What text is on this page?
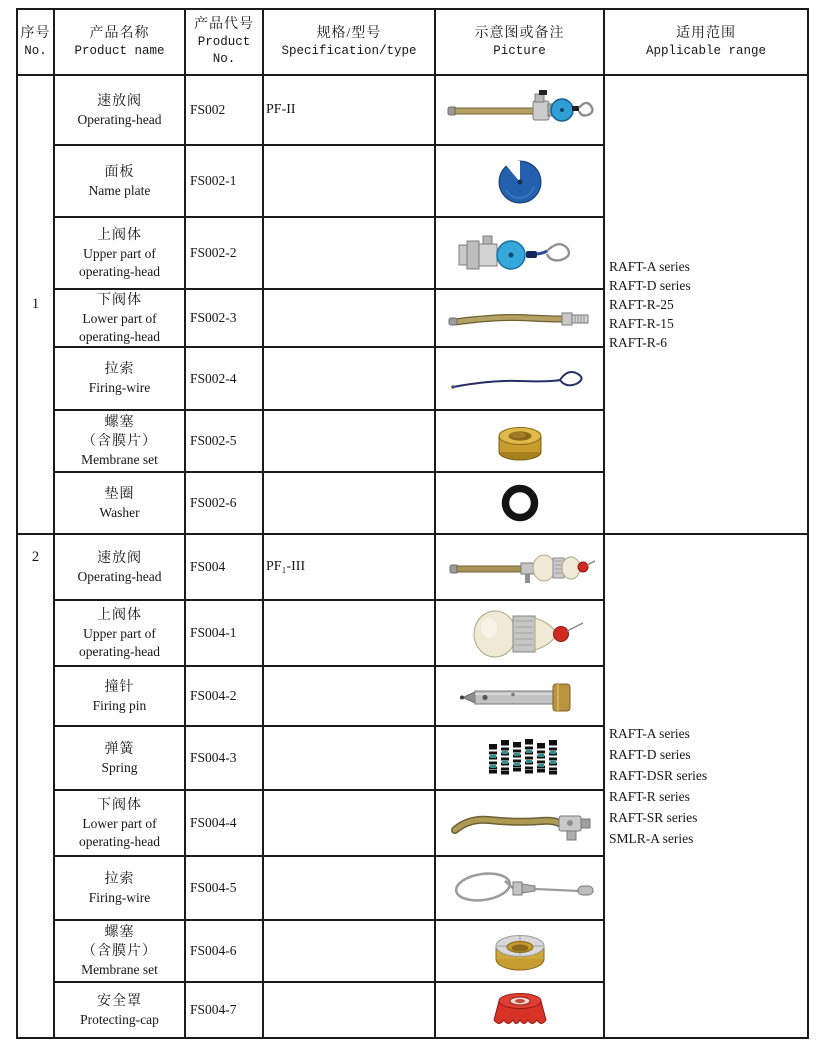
序号
No.

产品名称
Product name

产品代号
Product
No.

规格/型号
Specification/type

示意图或备注
Picture

适用范围
Applicable range

1	
速放阀
Operating-head
	FS002	PF-II	

RAFT-A series
RAFT-D series
RAFT-R-25
RAFT-R-15
RAFT-R-6

	面板
Name plate	FS002-1		

	上阀体
Upper part of operating-head	FS002-2		

	下阀体
Lower part of operating-head	FS002-3		

	拉索
Firing-wire	FS002-4		

	螺塞
（含膜片）
Membrane set	FS002-5		

	垫圈
Washer	FS002-6		

2	速放阀
Operating-head
	FS004	PF₁-III	

RAFT-A series
RAFT-D series
RAFT-DSR series
RAFT-R series
RAFT-SR series
SMLR-A series

	上阀体
Upper part of operating-head	FS004-1		

	撞针
Firing pin	FS004-2		

	弹簧
Spring	FS004-3		

	下阀体
Lower part of operating-head	FS004-4		

	拉索
Firing-wire	FS004-5		

	螺塞
（含膜片）
Membrane set	FS004-6		

	安全罩
Protecting-cap	FS004-7		
